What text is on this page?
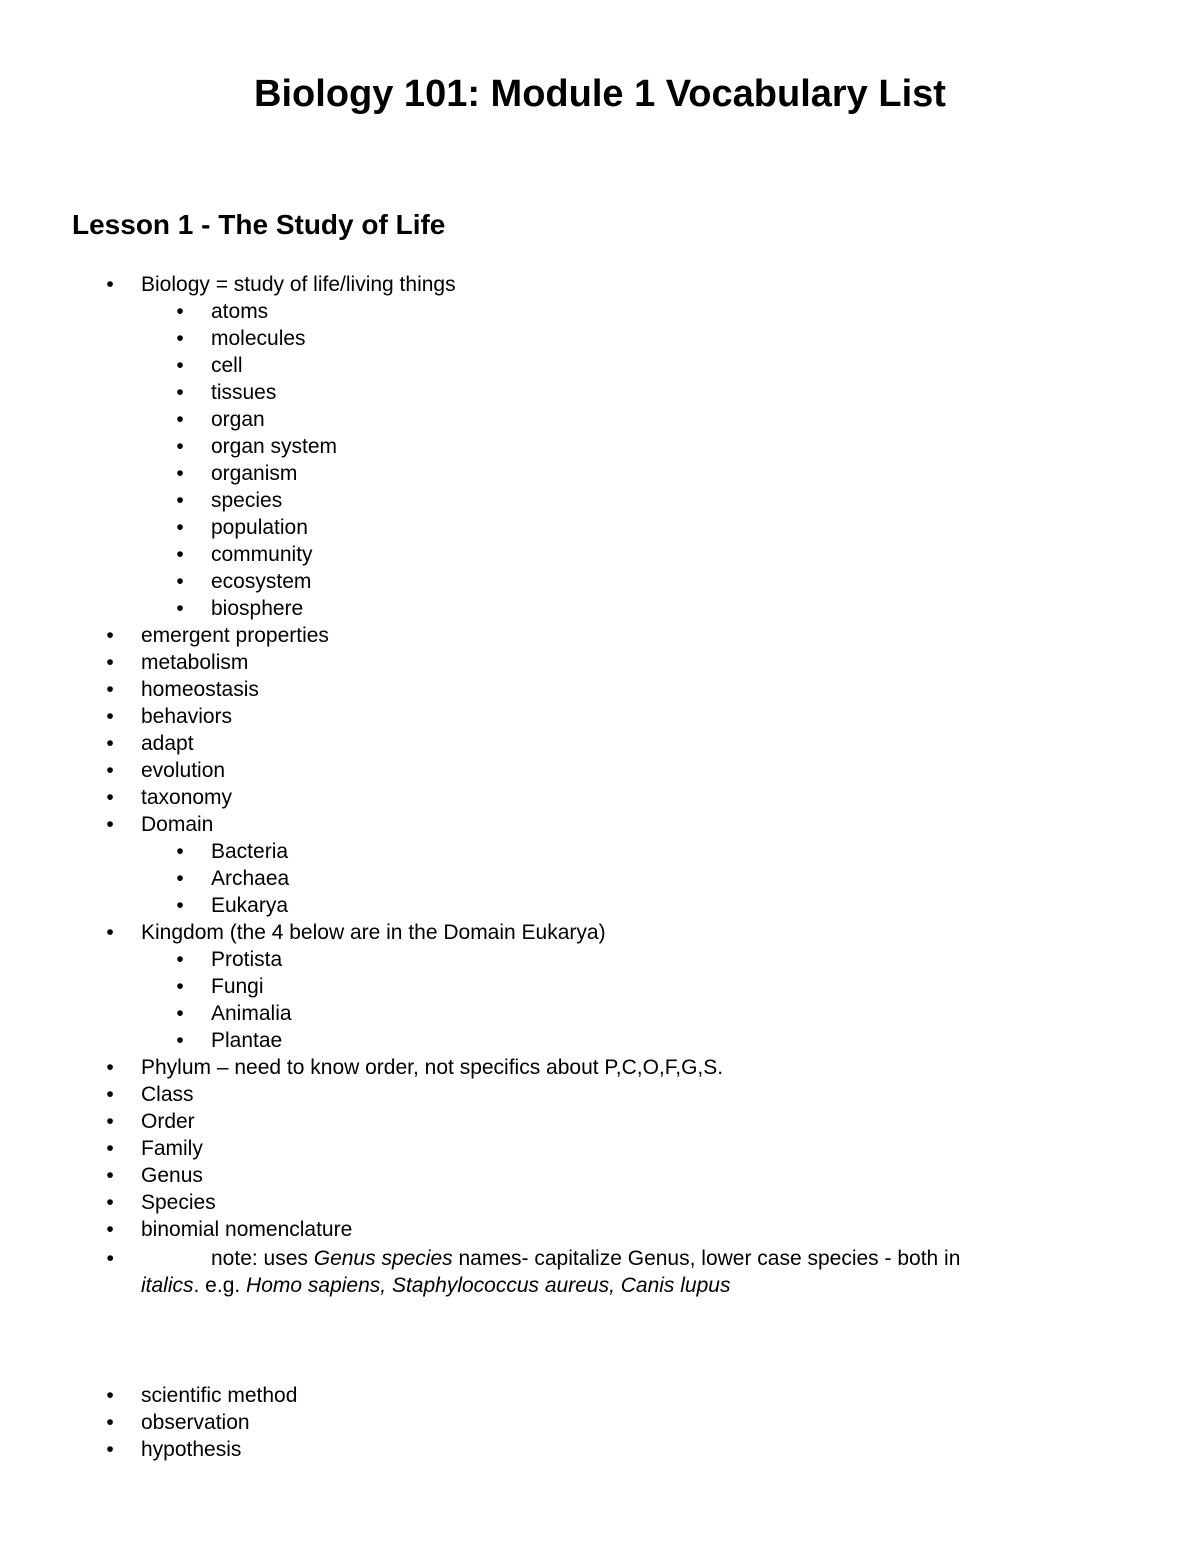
Biology 101: Module 1 Vocabulary List
Lesson 1 - The Study of Life
• Biology = study of life/living things
• atoms
• molecules
• cell
• tissues
• organ
• organ system
• organism
• species
• population
• community
• ecosystem
• biosphere
• emergent properties
• metabolism
• homeostasis
• behaviors
• adapt
• evolution
• taxonomy
• Domain
• Bacteria
• Archaea
• Eukarya
• Kingdom (the 4 below are in the Domain Eukarya)
• Protista
• Fungi
• Animalia
• Plantae
• Phylum – need to know order, not specifics about P,C,O,F,G,S.
• Class
• Order
• Family
• Genus
• Species
• binomial nomenclature
•	note: uses Genus species names- capitalize Genus, lower case species - both in
italics. e.g. Homo sapiens, Staphylococcus aureus, Canis lupus
• scientific method
• observation
• hypothesis
